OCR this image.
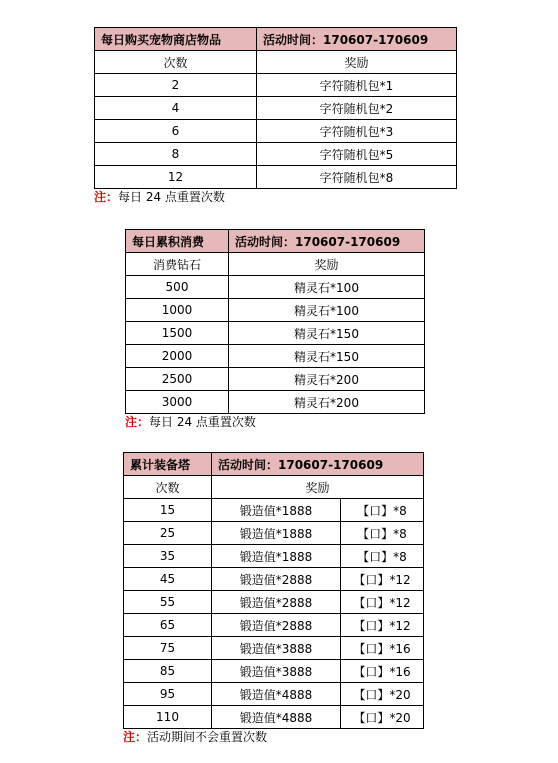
每日购买宠物商店物品	活动时间：170607-170609
次数	奖励
2	字符随机包*1
4	字符随机包*2
6	字符随机包*3
8	字符随机包*5
12	字符随机包*8
注：每日 24 点重置次数
每日累积消费	活动时间：170607-170609
消费钻石	奖励
500	精灵石*100
1000	精灵石*100
1500	精灵石*150
2000	精灵石*150
2500	精灵石*200
3000	精灵石*200
注：每日 24 点重置次数
累计装备塔	活动时间：170607-170609	
次数	奖励	
15	锻造值*1888	【口】*8
25	锻造值*1888	【口】*8
35	锻造值*1888	【口】*8
45	锻造值*2888	【口】*12
55	锻造值*2888	【口】*12
65	锻造值*2888	【口】*12
75	锻造值*3888	【口】*16
85	锻造值*3888	【口】*16
95	锻造值*4888	【口】*20
110	锻造值*4888	【口】*20
注：活动期间不会重置次数
